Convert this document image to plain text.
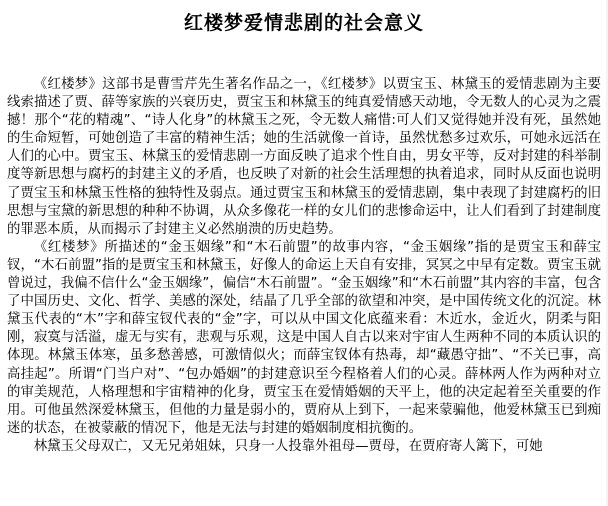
红楼梦爱情悲剧的社会意义

《红楼梦》这部书是曹雪芹先生著名作品之一，《红楼梦》以贾宝玉、林黛玉的爱情悲剧为主要线索描述了贾、薛等家族的兴衰历史，贾宝玉和林黛玉的纯真爱情感天动地，令无数人的心灵为之震撼！那个“花的精魂”、“诗人化身”的林黛玉之死，令无数人痛惜:可人们又觉得她并没有死，虽然她的生命短暂，可她创造了丰富的精神生活；她的生活就像一首诗，虽然忧愁多过欢乐，可她永远活在人们的心中。贾宝玉、林黛玉的爱情悲剧一方面反映了追求个性自由，男女平等，反对封建的科举制度等新思想与腐朽的封建主义的矛盾，也反映了对新的社会生活理想的执着追求，同时从反面也说明了贾宝玉和林黛玉性格的独特性及弱点。通过贾宝玉和林黛玉的爱情悲剧，集中表现了封建腐朽的旧思想与宝黛的新思想的种种不协调，从众多像花一样的女儿们的悲惨命运中，让人们看到了封建制度的罪恶本质，从而揭示了封建主义必然崩溃的历史趋势。

《红楼梦》所描述的“金玉姻缘”和“木石前盟”的故事内容，“金玉姻缘”指的是贾宝玉和薛宝钗，“木石前盟”指的是贾宝玉和林黛玉，好像人的命运上天自有安排，冥冥之中早有定数。贾宝玉就曾说过，我偏不信什么“金玉姻缘”，偏信“木石前盟”。“金玉姻缘”和“木石前盟”其内容的丰富，包含了中国历史、文化、哲学、美感的深处，结晶了几乎全部的欲望和冲突，是中国传统文化的沉淀。林黛玉代表的“木”字和薛宝钗代表的“金”字，可以从中国文化底蕴来看：木近水，金近火，阴柔与阳刚，寂寞与活溢，虚无与实有，悲观与乐观，这是中国人自古以来对宇宙人生两种不同的本质认识的体现。林黛玉体寒，虽多愁善感，可激情似火；而薛宝钗体有热毒，却“藏愚守拙”、“不关已事，高高挂起”。所谓“门当户对”、“包办婚姻”的封建意识至今程格着人们的心灵。薛林两人作为两种对立的审美规范，人格理想和宇宙精神的化身，贾宝玉在爱情婚姻的天平上，他的决定起着至关重要的作用。可他虽然深爱林黛玉，但他的力量是弱小的，贾府从上到下，一起来蒙骗他，他爱林黛玉已到痴迷的状态，在被蒙蔽的情况下，他是无法与封建的婚姻制度相抗衡的。

林黛玉父母双亡，又无兄弟姐妹，只身一人投靠外祖母—贾母，在贾府寄人篱下，可她
